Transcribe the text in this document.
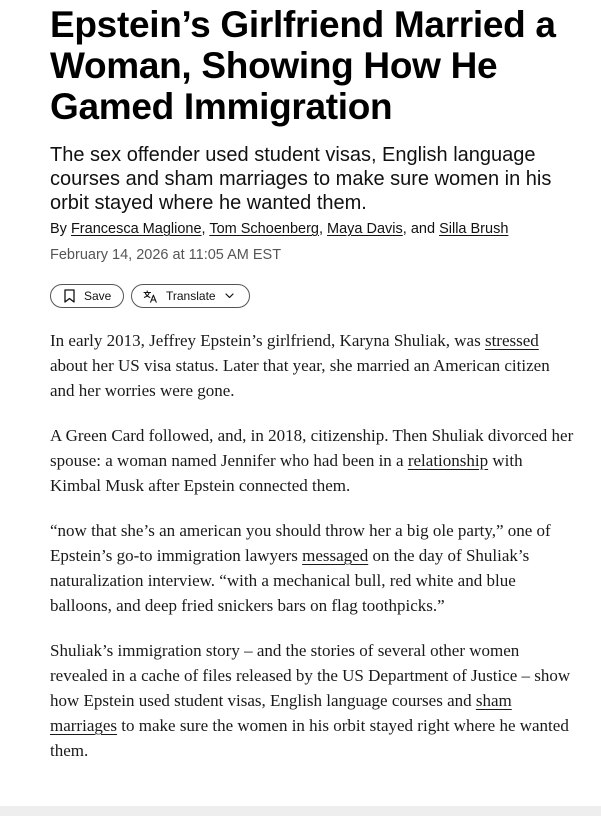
Epstein’s Girlfriend Married a Woman, Showing How He Gamed Immigration

The sex offender used student visas, English language courses and sham marriages to make sure women in his orbit stayed where he wanted them.

By Francesca Maglione, Tom Schoenberg, Maya Davis, and Silla Brush
February 14, 2026 at 11:05 AM EST
Save	Translate

In early 2013, Jeffrey Epstein’s girlfriend, Karyna Shuliak, was stressed about her US visa status. Later that year, she married an American citizen and her worries were gone.

A Green Card followed, and, in 2018, citizenship. Then Shuliak divorced her spouse: a woman named Jennifer who had been in a relationship with Kimbal Musk after Epstein connected them.

“now that she’s an american you should throw her a big ole party,” one of Epstein’s go-to immigration lawyers messaged on the day of Shuliak’s naturalization interview. “with a mechanical bull, red white and blue balloons, and deep fried snickers bars on flag toothpicks.”

Shuliak’s immigration story – and the stories of several other women revealed in a cache of files released by the US Department of Justice – show how Epstein used student visas, English language courses and sham marriages to make sure the women in his orbit stayed right where he wanted them.
